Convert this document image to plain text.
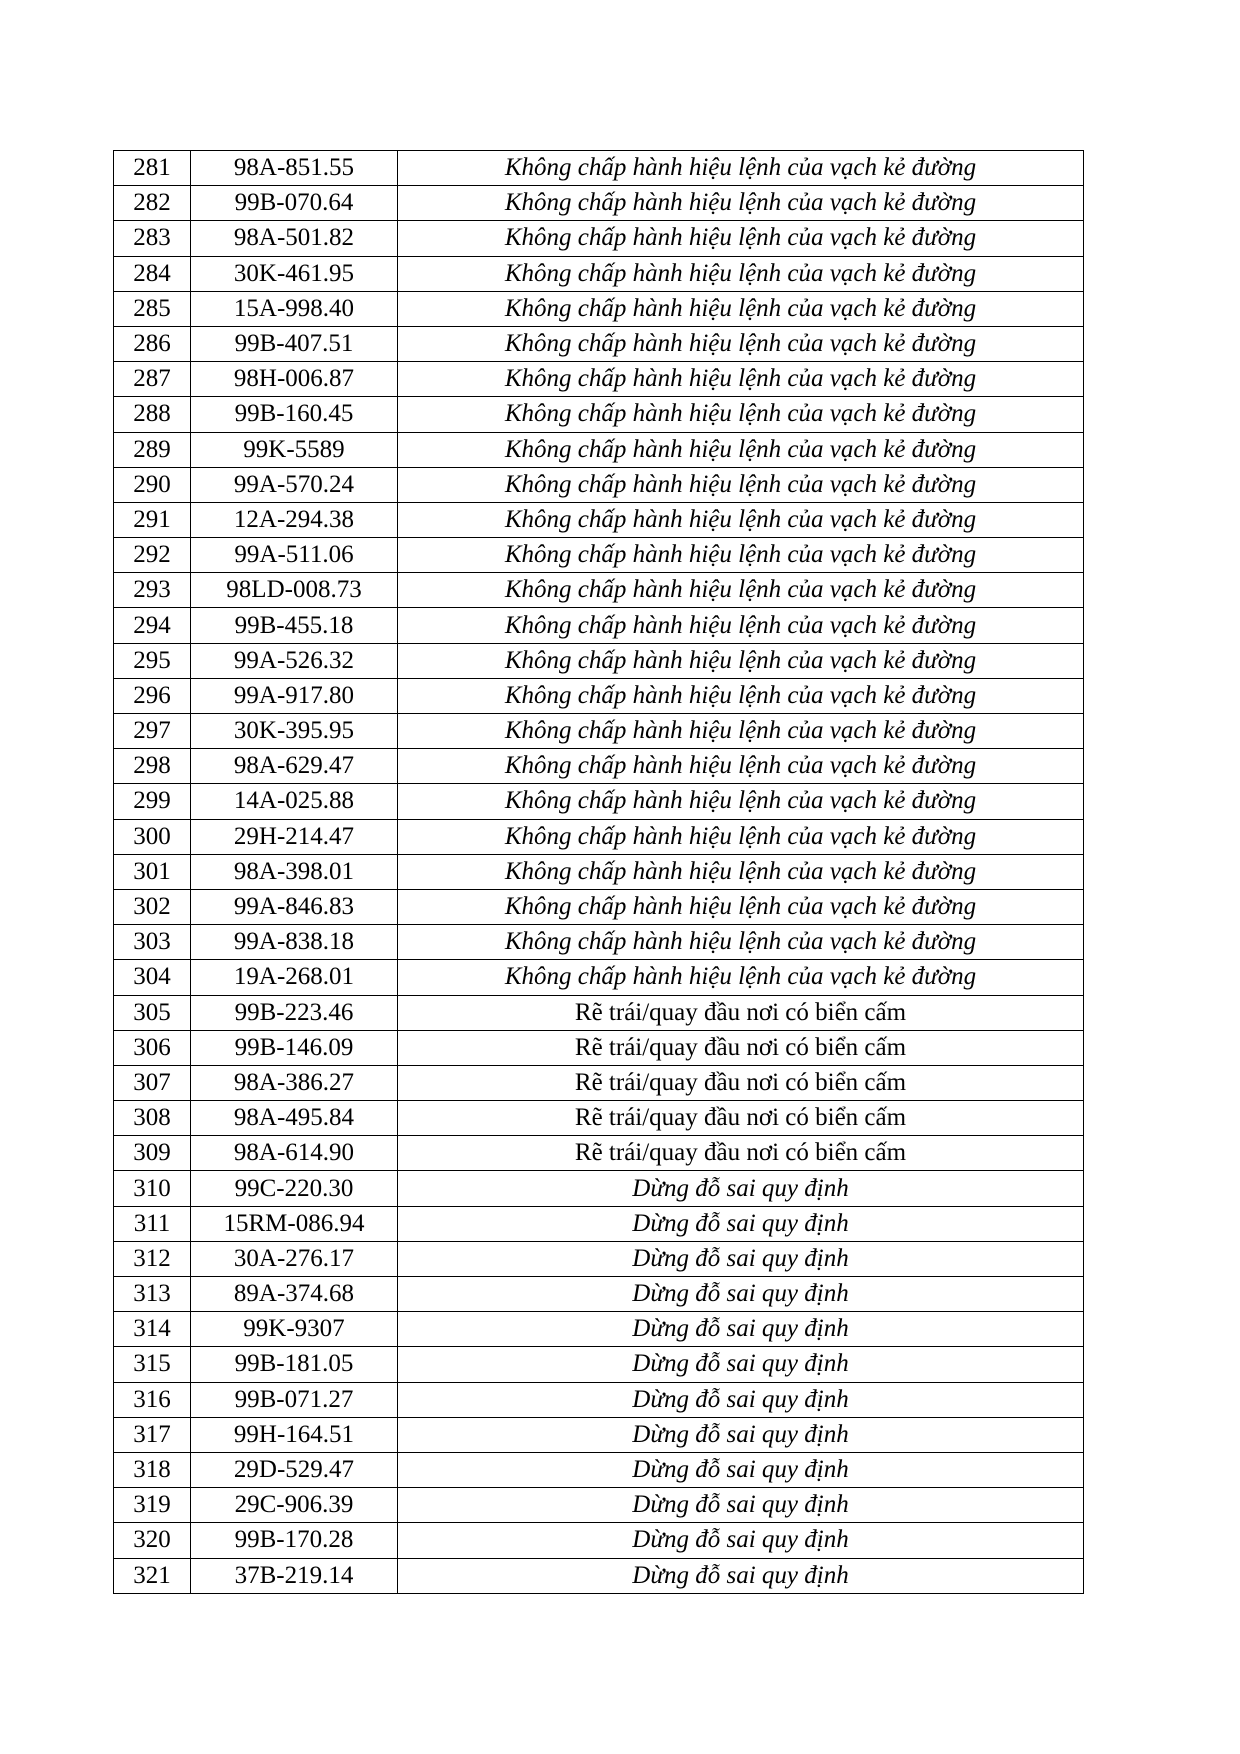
281	98A-851.55	Không chấp hành hiệu lệnh của vạch kẻ đường
282	99B-070.64	Không chấp hành hiệu lệnh của vạch kẻ đường
283	98A-501.82	Không chấp hành hiệu lệnh của vạch kẻ đường
284	30K-461.95	Không chấp hành hiệu lệnh của vạch kẻ đường
285	15A-998.40	Không chấp hành hiệu lệnh của vạch kẻ đường
286	99B-407.51	Không chấp hành hiệu lệnh của vạch kẻ đường
287	98H-006.87	Không chấp hành hiệu lệnh của vạch kẻ đường
288	99B-160.45	Không chấp hành hiệu lệnh của vạch kẻ đường
289	99K-5589	Không chấp hành hiệu lệnh của vạch kẻ đường
290	99A-570.24	Không chấp hành hiệu lệnh của vạch kẻ đường
291	12A-294.38	Không chấp hành hiệu lệnh của vạch kẻ đường
292	99A-511.06	Không chấp hành hiệu lệnh của vạch kẻ đường
293	98LD-008.73	Không chấp hành hiệu lệnh của vạch kẻ đường
294	99B-455.18	Không chấp hành hiệu lệnh của vạch kẻ đường
295	99A-526.32	Không chấp hành hiệu lệnh của vạch kẻ đường
296	99A-917.80	Không chấp hành hiệu lệnh của vạch kẻ đường
297	30K-395.95	Không chấp hành hiệu lệnh của vạch kẻ đường
298	98A-629.47	Không chấp hành hiệu lệnh của vạch kẻ đường
299	14A-025.88	Không chấp hành hiệu lệnh của vạch kẻ đường
300	29H-214.47	Không chấp hành hiệu lệnh của vạch kẻ đường
301	98A-398.01	Không chấp hành hiệu lệnh của vạch kẻ đường
302	99A-846.83	Không chấp hành hiệu lệnh của vạch kẻ đường
303	99A-838.18	Không chấp hành hiệu lệnh của vạch kẻ đường
304	19A-268.01	Không chấp hành hiệu lệnh của vạch kẻ đường
305	99B-223.46	Rẽ trái/quay đầu nơi có biển cấm
306	99B-146.09	Rẽ trái/quay đầu nơi có biển cấm
307	98A-386.27	Rẽ trái/quay đầu nơi có biển cấm
308	98A-495.84	Rẽ trái/quay đầu nơi có biển cấm
309	98A-614.90	Rẽ trái/quay đầu nơi có biển cấm
310	99C-220.30	Dừng đỗ sai quy định
311	15RM-086.94	Dừng đỗ sai quy định
312	30A-276.17	Dừng đỗ sai quy định
313	89A-374.68	Dừng đỗ sai quy định
314	99K-9307	Dừng đỗ sai quy định
315	99B-181.05	Dừng đỗ sai quy định
316	99B-071.27	Dừng đỗ sai quy định
317	99H-164.51	Dừng đỗ sai quy định
318	29D-529.47	Dừng đỗ sai quy định
319	29C-906.39	Dừng đỗ sai quy định
320	99B-170.28	Dừng đỗ sai quy định
321	37B-219.14	Dừng đỗ sai quy định
